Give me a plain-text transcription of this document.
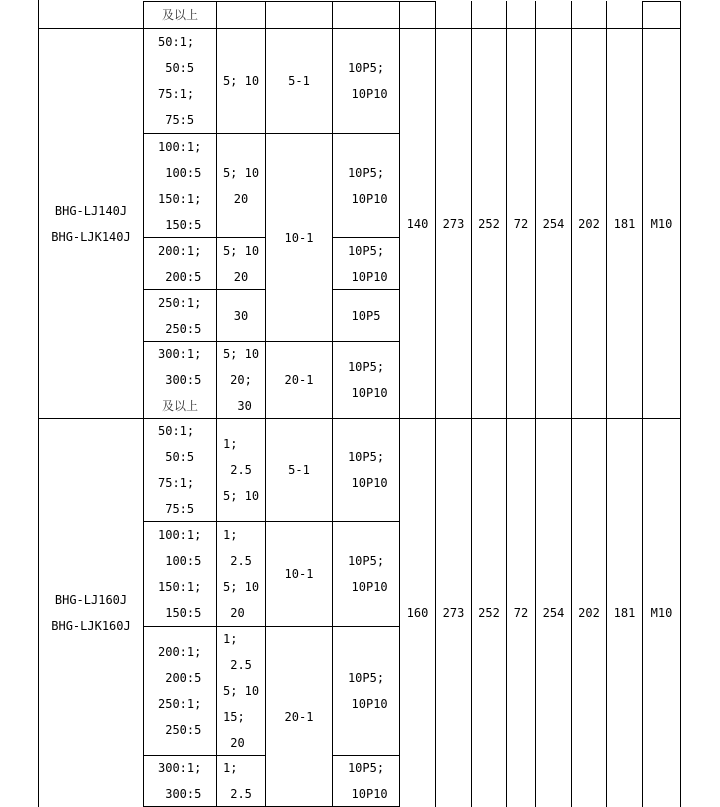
及以上
BHG-LJ140J
BHG-LJK140J
50:1;
50:5
75:1;
75:5
5; 10 5-1
10P5;
10P10
100:1;
100:5
150:1;
150:5
5; 10
20
10-1
10P5;
10P10
200:1;
200:5
250:1;
250:5
5; 10
20
10P5;
10P10
30	10P5
300:1;
300:5
及以上
5; 10
20;
30
20-1
10P5;
10P10
140 273 252 72 254 202 181 M10
BHG-LJ160J
BHG-LJK160J
50:1;
50:5
75:1;
75:5
1;
2.5
5; 10
5-1
10P5;
10P10
100:1;
100:5
150:1;
150:5
1;
2.5
5; 10
20
10-1
10P5;
10P10
200:1;
200:5
250:1;
250:5
1;
2.5
5; 10
15;
20
20-1
10P5;
10P10
300:1;
300:5
1;
2.5
10P5;
10P10
160 273 252 72 254 202 181 M10
